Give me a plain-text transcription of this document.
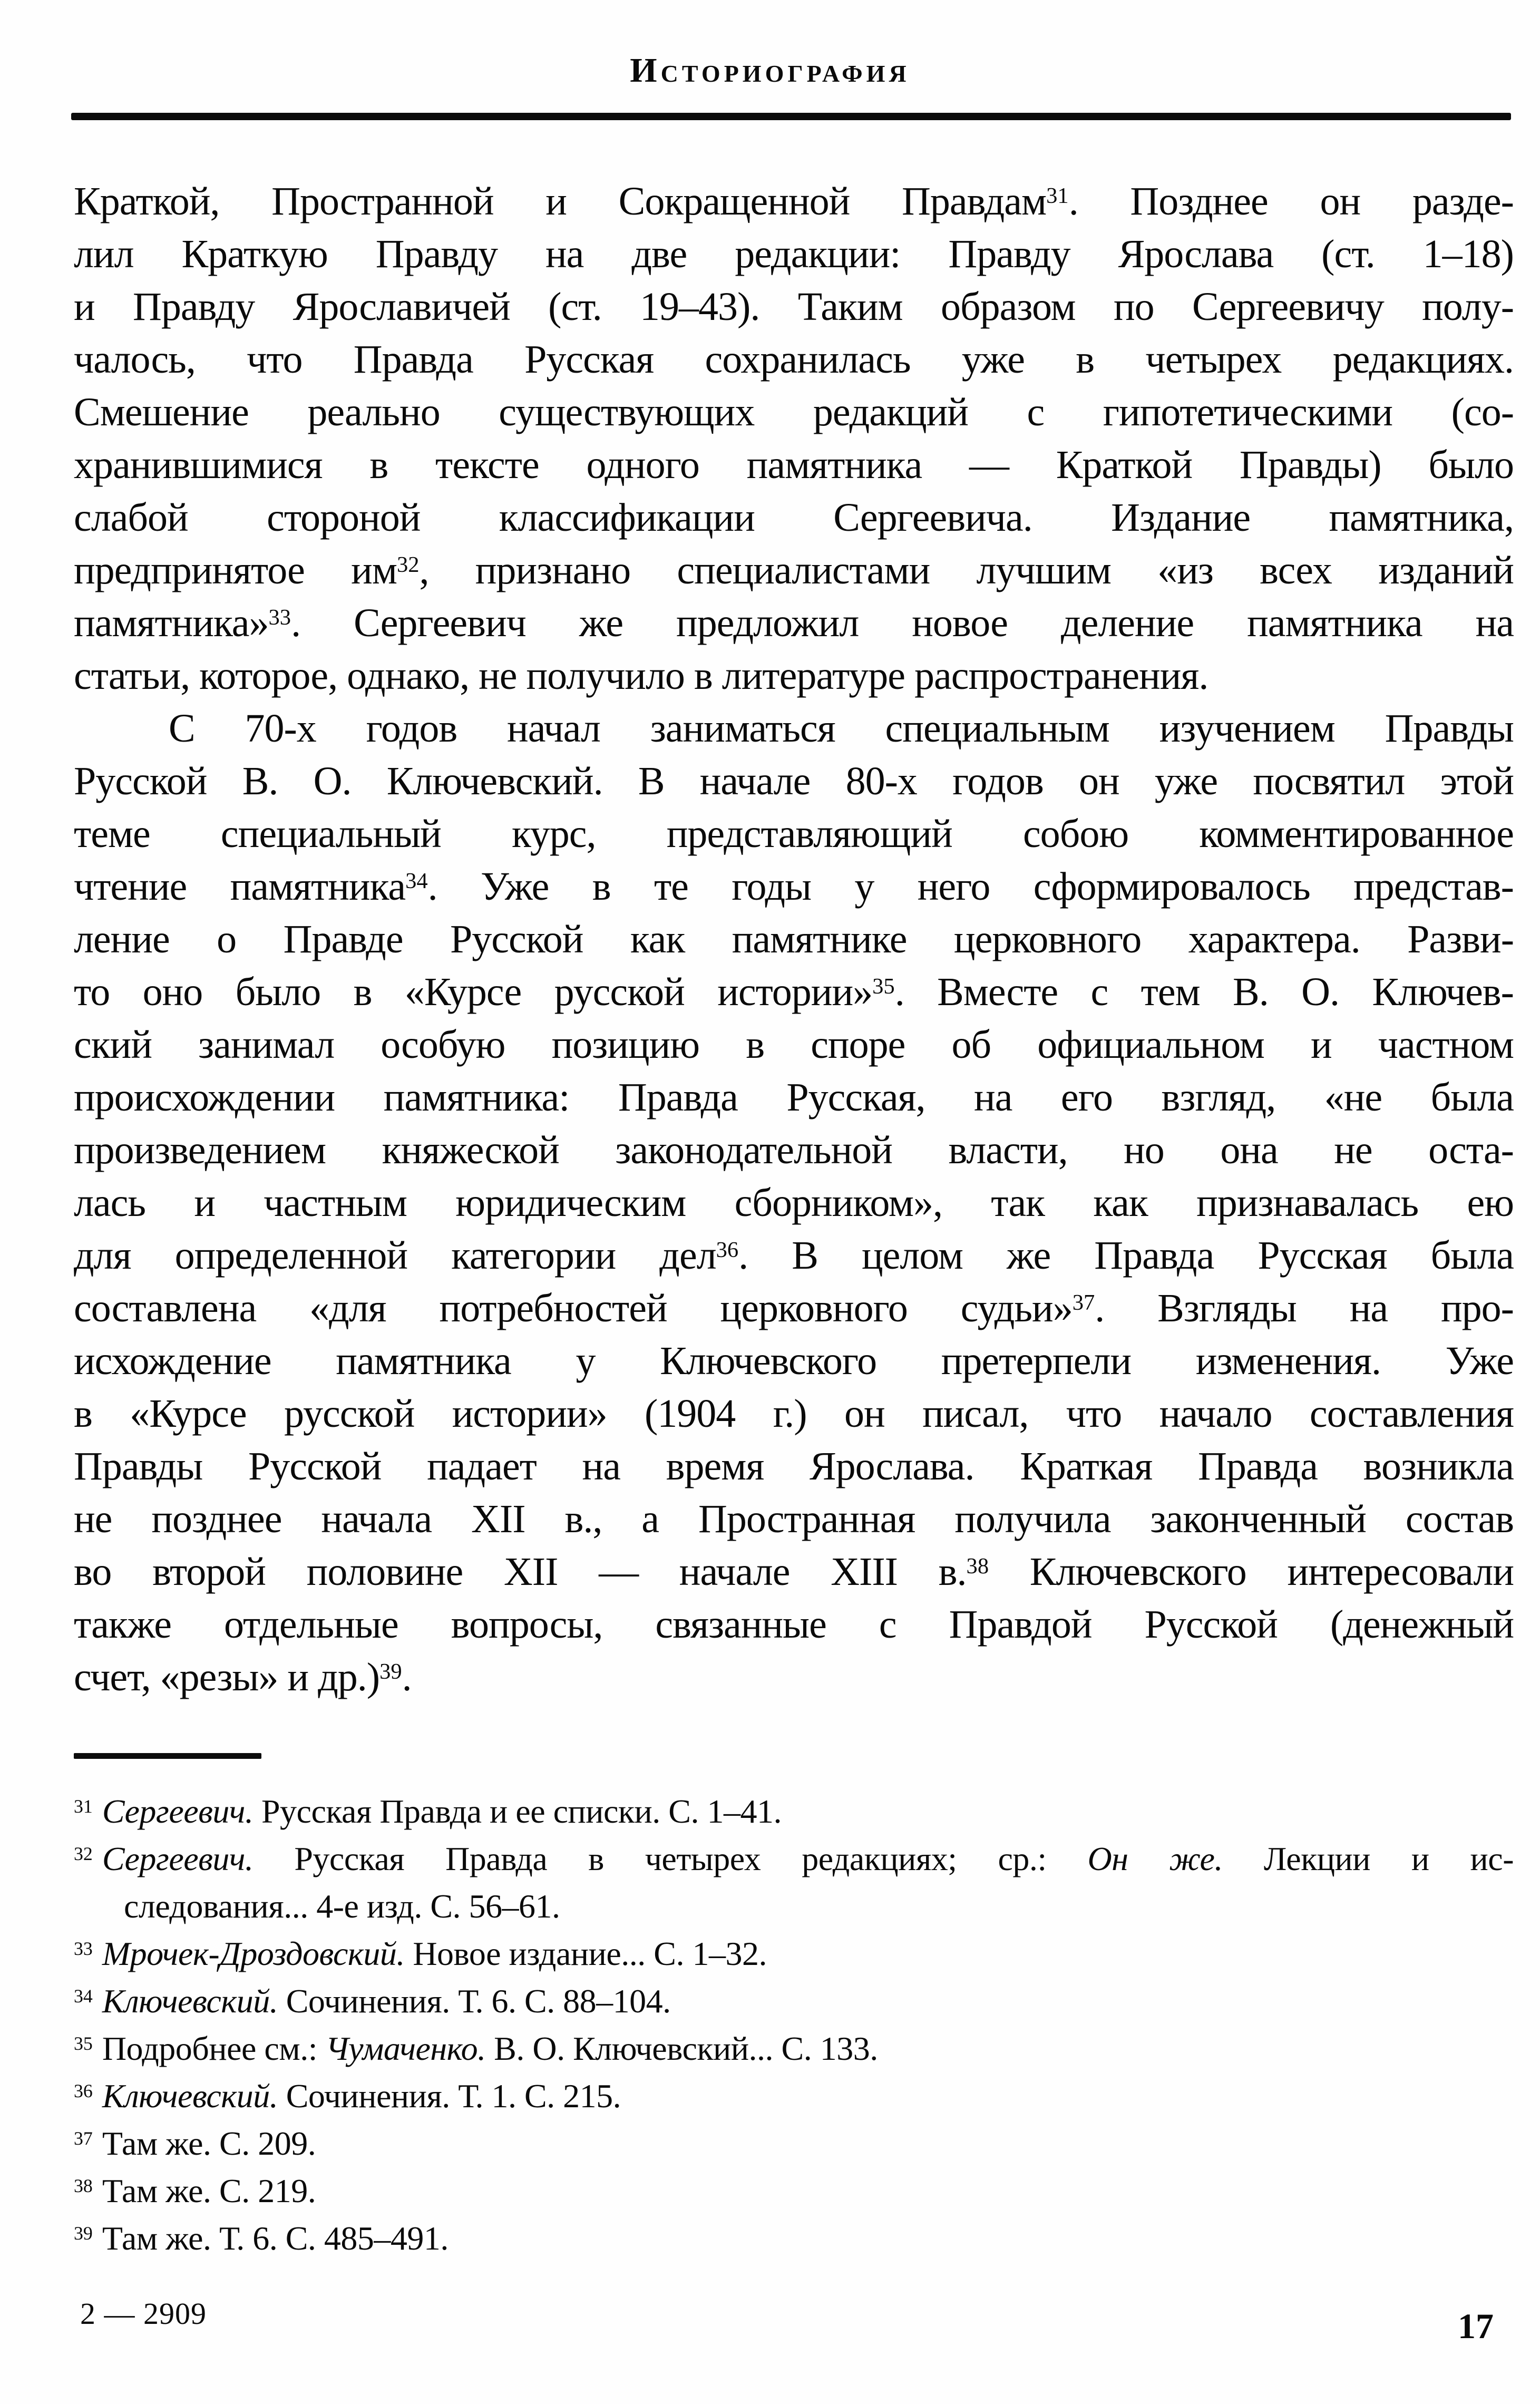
Историография
Краткой, Пространной и Сокращенной Правдам$^{31}$. Позднее он разде-
лил Краткую Правду на две редакции: Правду Ярослава (ст. 1–18)
и Правду Ярославичей (ст. 19–43). Таким образом по Сергеевичу полу-
чалось, что Правда Русская сохранилась уже в четырех редакциях.
Смешение реально существующих редакций с гипотетическими (со-
хранившимися в тексте одного памятника — Краткой Правды) было
слабой стороной классификации Сергеевича. Издание памятника,
предпринятое $им^{32}$, признано специалистами лучшим «из всех изданий
памятника»$^{33}$. Сергеевич же предложил новое деление памятника на
статьи, которое, однако, не получило в литературе распространения.
С 70-х годов начал заниматься специальным изучением Правды
Русской В. О. Ключевский. В начале 80-х годов он уже посвятил этой
теме специальный курс, представляющий собою комментированное
чтение памятника$^{34}$. Уже в те годы у него сформировалось представ-
ление о Правде Русской как памятнике церковного характера. Разви-
то оно было в «Курсе русской истории»$^{35}$. Вместе с тем В. О. Ключев-
ский занимал особую позицию в споре об официальном и частном
происхождении памятника: Правда Русская, на его взгляд, «не была
произведением княжеской законодательной власти, но она не оста-
лась и частным юридическим сборником», так как признавалась ею
для определенной категории дел$^{36}$. В целом же Правда Русская была
составлена «для потребностей церковного судьи»$^{37}$. Взгляды на про-
исхождение памятника у Ключевского претерпели изменения. Уже
в «Курсе русской истории» (1904 г.) он писал, что начало составления
Правды Русской падает на время Ярослава. Краткая Правда возникла
не позднее начала XII в., а Пространная получила законченный состав
во второй половине XII — начале XIII в.$^{38}$ Ключевского интересовали
также отдельные вопросы, связанные с Правдой Русской (денежный
счет, «резы» и др.)$^{39}$.
$^{31}$ Сергеевич. Русская Правда и ее списки. С. 1–41.
$^{32}$ Сергеевич. Русская Правда в четырех редакциях; ср.: Он же. Лекции и ис-
следования... 4-е изд. С. 56–61.
$^{33}$ Мрочек-Дроздовский. Новое издание... С. 1–32.
$^{34}$ Ключевский. Сочинения. Т. 6. С. 88–104.
$^{35}$ Подробнее см.: Чумаченко. В. О. Ключевский... С. 133.
$^{36}$ Ключевский. Сочинения. Т. 1. С. 215.
$^{37}$ Там же. С. 209.
$^{38}$ Там же. С. 219.
$^{39}$ Там же. Т. 6. С. 485–491.
2 — 2909	17
